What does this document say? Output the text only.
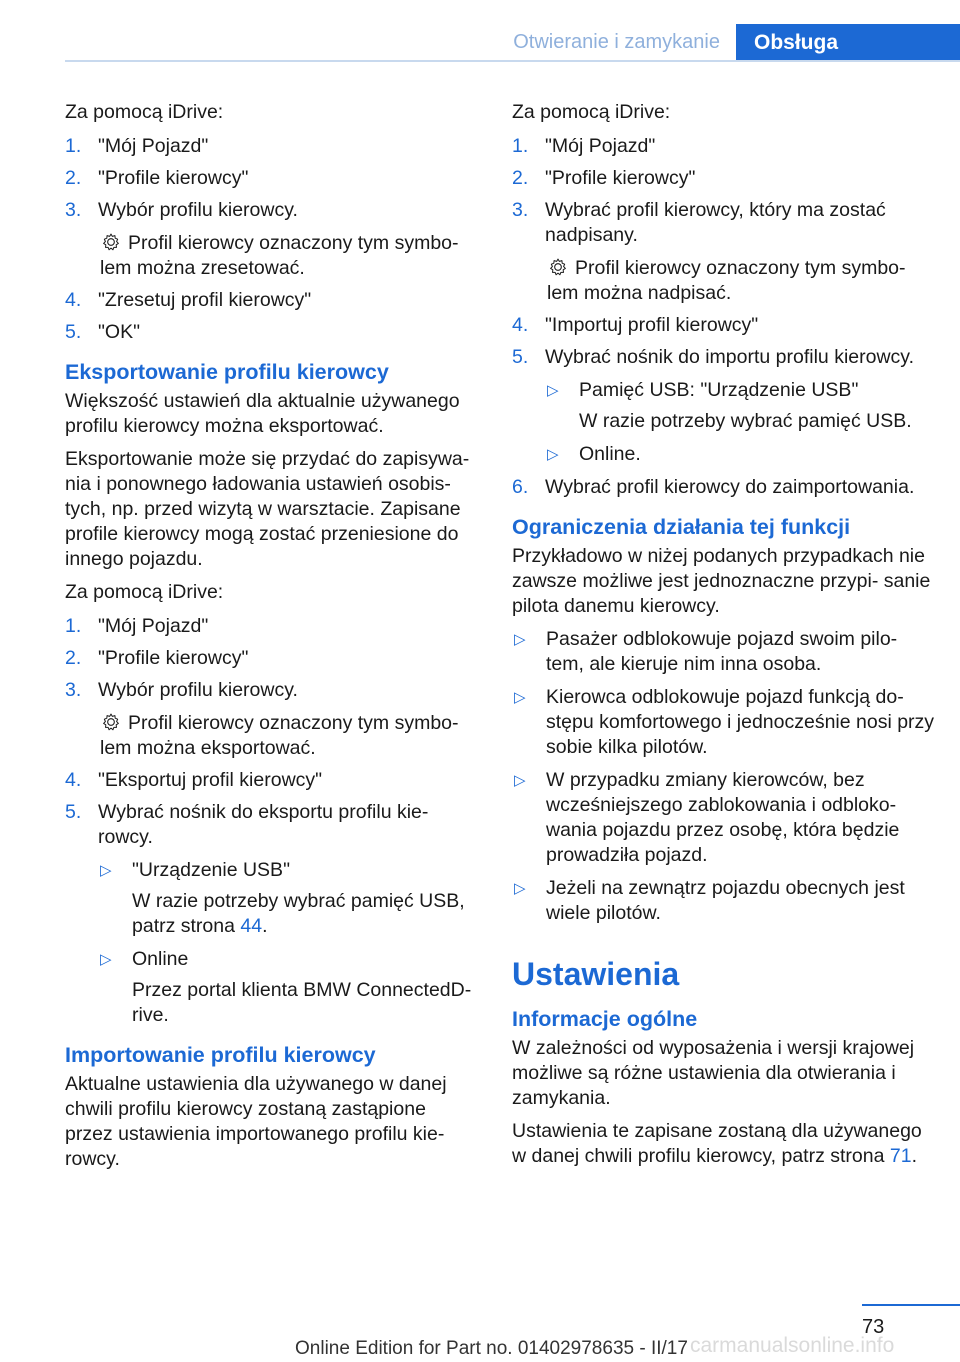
Otwieranie i zamykanie	Obsługa

Za pomocą iDrive:

1. "Mój Pojazd"
2. "Profile kierowcy"
3. Wybór profilu kierowcy.
Profil kierowcy oznaczony tym symbo- lem można zresetować.
4. "Zresetuj profil kierowcy"
5. "OK"
Eksportowanie profilu kierowcy

Większość ustawień dla aktualnie używanego profilu kierowcy można eksportować.

Eksportowanie może się przydać do zapisywa- nia i ponownego ładowania ustawień osobis- tych, np. przed wizytą w warsztacie. Zapisane profile kierowcy mogą zostać przeniesione do innego pojazdu.

Za pomocą iDrive:

1. "Mój Pojazd"
2. "Profile kierowcy"
3. Wybór profilu kierowcy.
Profil kierowcy oznaczony tym symbo- lem można eksportować.
4. "Eksportuj profil kierowcy"
5. Wybrać nośnik do eksportu profilu kie- rowcy.
▷ "Urządzenie USB"
W razie potrzeby wybrać pamięć USB, patrz strona 44.
▷ Online
Przez portal klienta BMW ConnectedD- rive.
Importowanie profilu kierowcy

Aktualne ustawienia dla używanego w danej chwili profilu kierowcy zostaną zastąpione przez ustawienia importowanego profilu kie- rowcy.

Za pomocą iDrive:

1. "Mój Pojazd"
2. "Profile kierowcy"
3. Wybrać profil kierowcy, który ma zostać nadpisany.
Profil kierowcy oznaczony tym symbo- lem można nadpisać.
4. "Importuj profil kierowcy"
5. Wybrać nośnik do importu profilu kierowcy.
▷ Pamięć USB: "Urządzenie USB"
W razie potrzeby wybrać pamięć USB.
▷ Online.
6. Wybrać profil kierowcy do zaimportowania.
Ograniczenia działania tej funkcji

Przykładowo w niżej podanych przypadkach nie zawsze możliwe jest jednoznaczne przypi- sanie pilota danemu kierowcy.

▷ Pasażer odblokowuje pojazd swoim pilo- tem, ale kieruje nim inna osoba.
▷ Kierowca odblokowuje pojazd funkcją do- stępu komfortowego i jednocześnie nosi przy sobie kilka pilotów.
▷ W przypadku zmiany kierowców, bez wcześniejszego zablokowania i odbloko- wania pojazdu przez osobę, która będzie prowadziła pojazd.
▷ Jeżeli na zewnątrz pojazdu obecnych jest wiele pilotów.
Ustawienia
Informacje ogólne

W zależności od wyposażenia i wersji krajowej możliwe są różne ustawienia dla otwierania i zamykania.

Ustawienia te zapisane zostaną dla używanego w danej chwili profilu kierowcy, patrz strona 71.

73
Online Edition for Part no. 01402978635 - II/17 carmanualsonline.info
